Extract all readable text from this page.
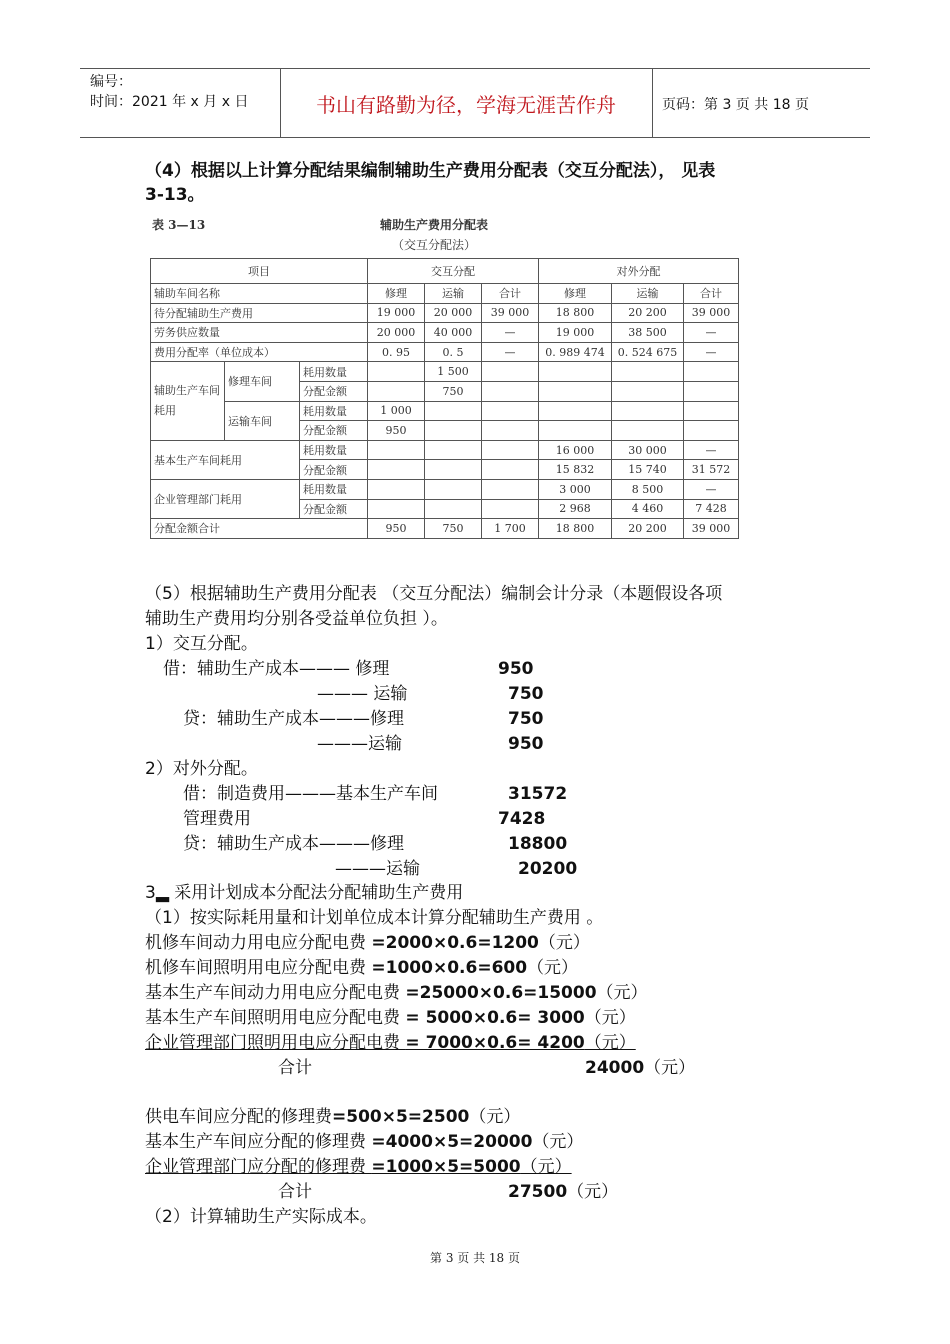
编号：
时间：2021 年 x 月 x 日	书山有路勤为径，学海无涯苦作舟	页码：第 3 页 共 18 页
（4）根据以上计算分配结果编制辅助生产费用分配表（交互分配法）， 见表
3-13。
表 3—13	辅助生产费用分配表
（交互分配法）
项目			交互分配			对外分配		
辅助车间名称			修理	运输	合计	修理	运输	合计
待分配辅助生产费用			19 000	20 000	39 000	18 800	20 200	39 000
劳务供应数量			20 000	40 000	—	19 000	38 500	—
费用分配率（单位成本）			0. 95	0. 5	—	0. 989 474	0. 524 675	—
辅助生产车间耗用	修理车间	耗用数量		1 500				
		分配金额		750				
	运输车间	耗用数量	1 000					
		分配金额	950					
基本生产车间耗用		耗用数量				16 000	30 000	—
		分配金额				15 832	15 740	31 572
企业管理部门耗用		耗用数量				3 000	8 500	—
		分配金额				2 968	4 460	7 428
分配金额合计			950	750	1 700	18 800	20 200	39 000
（5）根据辅助生产费用分配表 （交互分配法）编制会计分录（本题假设各项
辅助生产费用均分别各受益单位负担 ）。
1）交互分配。
借：辅助生产成本——— 修理	950
——— 运输	750
贷：辅助生产成本———修理	750
———运输	950
2）对外分配。
借：制造费用———基本生产车间	31572
管理费用	7428
贷：辅助生产成本———修理	18800
———运输	20200
3▂ 采用计划成本分配法分配辅助生产费用
（1）按实际耗用量和计划单位成本计算分配辅助生产费用 。
机修车间动力用电应分配电费 =2000×0.6=1200（元）
机修车间照明用电应分配电费 =1000×0.6=600（元）
基本生产车间动力用电应分配电费 =25000×0.6=15000（元）
基本生产车间照明用电应分配电费 = 5000×0.6= 3000（元）
企业管理部门照明用电应分配电费 = 7000×0.6= 4200（元）
合计	24000（元）
供电车间应分配的修理费=500×5=2500（元）
基本生产车间应分配的修理费 =4000×5=20000（元）
企业管理部门应分配的修理费 =1000×5=5000（元）
合计	27500（元）
（2）计算辅助生产实际成本。
第 3 页 共 18 页
